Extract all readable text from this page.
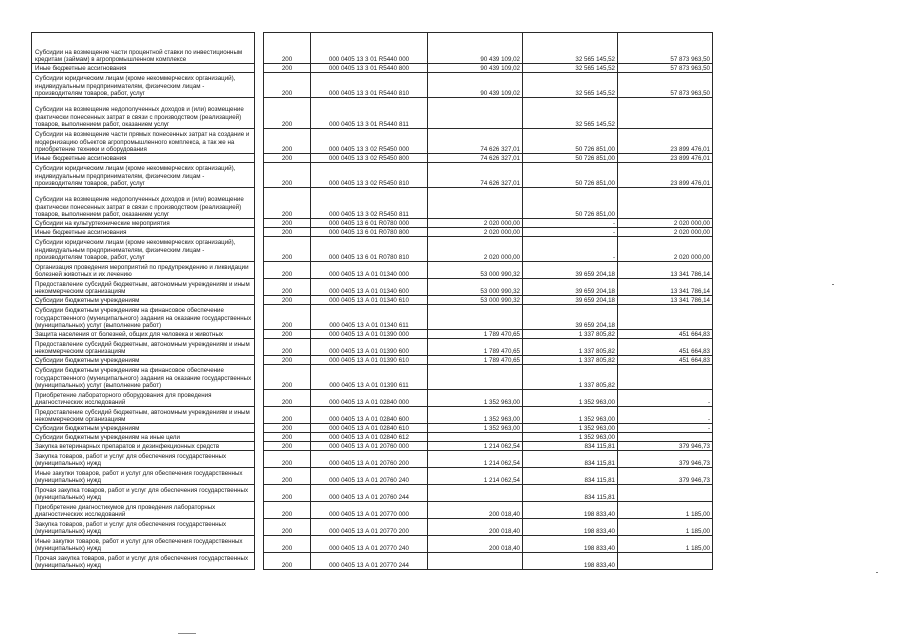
Субсидии на возмещение части процентной ставки по инвестиционным кредитам (займам) в агропромышленном комплексе		200	000 0405 13 3 01 R5440 000	90 439 109,02	32 565 145,52	57 873 963,50
Иные бюджетные ассигнования		200	000 0405 13 3 01 R5440 800	90 439 109,02	32 565 145,52	57 873 963,50
Субсидии юридическим лицам (кроме некоммерческих организаций), индивидуальным предпринимателям, физическим лицам - производителям товаров, работ, услуг		200	000 0405 13 3 01 R5440 810	90 439 109,02	32 565 145,52	57 873 963,50
Субсидии на возмещение недополученных доходов и (или) возмещение фактически понесенных затрат в связи с производством (реализацией) товаров, выполнением работ, оказанием услуг		200	000 0405 13 3 01 R5440 811		32 565 145,52	
Субсидии на возмещение части прямых понесенных затрат на создание и модернизацию объектов агропромышленного комплекса, а так же на приобретение техники и оборудования		200	000 0405 13 3 02 R5450 000	74 626 327,01	50 726 851,00	23 899 476,01
Иные бюджетные ассигнования		200	000 0405 13 3 02 R5450 800	74 626 327,01	50 726 851,00	23 899 476,01
Субсидии юридическим лицам (кроме некоммерческих организаций), индивидуальным предпринимателям, физическим лицам - производителям товаров, работ, услуг		200	000 0405 13 3 02 R5450 810	74 626 327,01	50 726 851,00	23 899 476,01
Субсидии на возмещение недополученных доходов и (или) возмещение фактически понесенных затрат в связи с производством (реализацией) товаров, выполнением работ, оказанием услуг		200	000 0405 13 3 02 R5450 811		50 726 851,00	
Субсидии на культуртехнические мероприятия		200	000 0405 13 6 01 R0780 000	2 020 000,00	-	2 020 000,00
Иные бюджетные ассигнования		200	000 0405 13 6 01 R0780 800	2 020 000,00	-	2 020 000,00
Субсидии юридическим лицам (кроме некоммерческих организаций), индивидуальным предпринимателям, физическим лицам - производителям товаров, работ, услуг		200	000 0405 13 6 01 R0780 810	2 020 000,00	-	2 020 000,00
Организация проведения мероприятий по предупреждению и ликвидации болезней животных и их лечению		200	000 0405 13 А 01 01340 000	53 000 990,32	39 659 204,18	13 341 786,14
Предоставление субсидий бюджетным, автономным учреждениям и иным некоммерческим организациям		200	000 0405 13 А 01 01340 600	53 000 990,32	39 659 204,18	13 341 786,14
Субсидии бюджетным учреждениям		200	000 0405 13 А 01 01340 610	53 000 990,32	39 659 204,18	13 341 786,14
Субсидии бюджетным учреждениям на финансовое обеспечение государственного (муниципального) задания на оказание государственных (муниципальных) услуг (выполнение работ)		200	000 0405 13 А 01 01340 611		39 659 204,18	
Защита населения от болезней, общих для человека и животных		200	000 0405 13 А 01 01390 000	1 789 470,65	1 337 805,82	451 664,83
Предоставление субсидий бюджетным, автономным учреждениям и иным некоммерческим организациям		200	000 0405 13 А 01 01390 600	1 789 470,65	1 337 805,82	451 664,83
Субсидии бюджетным учреждениям		200	000 0405 13 А 01 01390 610	1 789 470,65	1 337 805,82	451 664,83
Субсидии бюджетным учреждениям на финансовое обеспечение государственного (муниципального) задания на оказание государственных (муниципальных) услуг (выполнение работ)		200	000 0405 13 А 01 01390 611		1 337 805,82	
Приобретение лабораторного оборудования для проведения диагностических исследований		200	000 0405 13 А 01 02840 000	1 352 963,00	1 352 963,00	-
Предоставление субсидий бюджетным, автономным учреждениям и иным некоммерческим организациям		200	000 0405 13 А 01 02840 600	1 352 963,00	1 352 963,00	-
Субсидии бюджетным учреждениям		200	000 0405 13 А 01 02840 610	1 352 963,00	1 352 963,00	-
Субсидии бюджетным учреждениям на иные цели		200	000 0405 13 А 01 02840 612		1 352 963,00	
Закупка ветеринарных препаратов и дезинфекционных средств		200	000 0405 13 А 01 20760 000	1 214 062,54	834 115,81	379 946,73
Закупка товаров, работ и услуг для обеспечения государственных (муниципальных) нужд		200	000 0405 13 А 01 20760 200	1 214 062,54	834 115,81	379 946,73
Иные закупки товаров, работ и услуг для обеспечения государственных (муниципальных) нужд		200	000 0405 13 А 01 20760 240	1 214 062,54	834 115,81	379 946,73
Прочая закупка товаров, работ и услуг для обеспечения государственных (муниципальных) нужд		200	000 0405 13 А 01 20760 244		834 115,81	
Приобретение диагностикумов для проведения лабораторных диагностических исследований		200	000 0405 13 А 01 20770 000	200 018,40	198 833,40	1 185,00
Закупка товаров, работ и услуг для обеспечения государственных (муниципальных) нужд		200	000 0405 13 А 01 20770 200	200 018,40	198 833,40	1 185,00
Иные закупки товаров, работ и услуг для обеспечения государственных (муниципальных) нужд		200	000 0405 13 А 01 20770 240	200 018,40	198 833,40	1 185,00
Прочая закупка товаров, работ и услуг для обеспечения государственных (муниципальных) нужд		200	000 0405 13 А 01 20770 244		198 833,40	
